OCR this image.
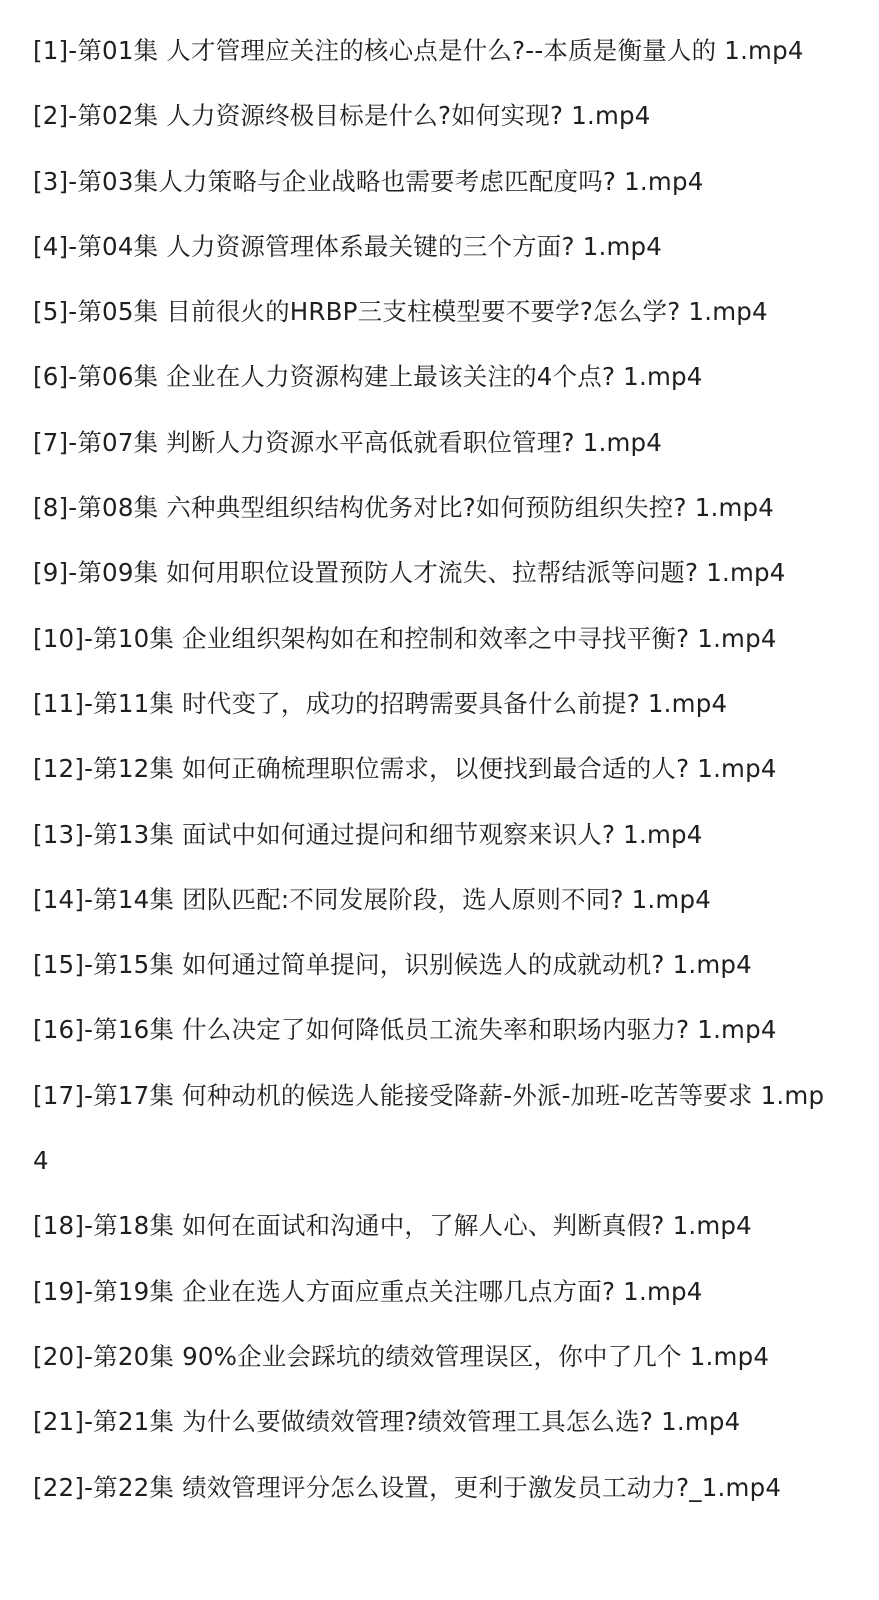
[1]-第01集 人才管理应关注的核心点是什么?--本质是衡量人的 1.mp4
[2]-第02集 人力资源终极目标是什么?如何实现? 1.mp4
[3]-第03集人力策略与企业战略也需要考虑匹配度吗? 1.mp4
[4]-第04集 人力资源管理体系最关键的三个方面? 1.mp4
[5]-第05集 目前很火的HRBP三支柱模型要不要学?怎么学? 1.mp4
[6]-第06集 企业在人力资源构建上最该关注的4个点? 1.mp4
[7]-第07集 判断人力资源水平高低就看职位管理? 1.mp4
[8]-第08集 六种典型组织结构优务对比?如何预防组织失控? 1.mp4
[9]-第09集 如何用职位设置预防人才流失、拉帮结派等问题? 1.mp4
[10]-第10集 企业组织架构如在和控制和效率之中寻找平衡? 1.mp4
[11]-第11集 时代变了，成功的招聘需要具备什么前提? 1.mp4
[12]-第12集 如何正确梳理职位需求，以便找到最合适的人? 1.mp4
[13]-第13集 面试中如何通过提问和细节观察来识人? 1.mp4
[14]-第14集 团队匹配:不同发展阶段，选人原则不同? 1.mp4
[15]-第15集 如何通过简单提问，识别候选人的成就动机? 1.mp4
[16]-第16集 什么决定了如何降低员工流失率和职场内驱力? 1.mp4
[17]-第17集 何种动机的候选人能接受降薪-外派-加班-吃苦等要求 1.mp4
[18]-第18集 如何在面试和沟通中，了解人心、判断真假? 1.mp4
[19]-第19集 企业在选人方面应重点关注哪几点方面? 1.mp4
[20]-第20集 90%企业会踩坑的绩效管理误区，你中了几个 1.mp4
[21]-第21集 为什么要做绩效管理?绩效管理工具怎么选? 1.mp4
[22]-第22集 绩效管理评分怎么设置，更利于激发员工动力?_1.mp4
